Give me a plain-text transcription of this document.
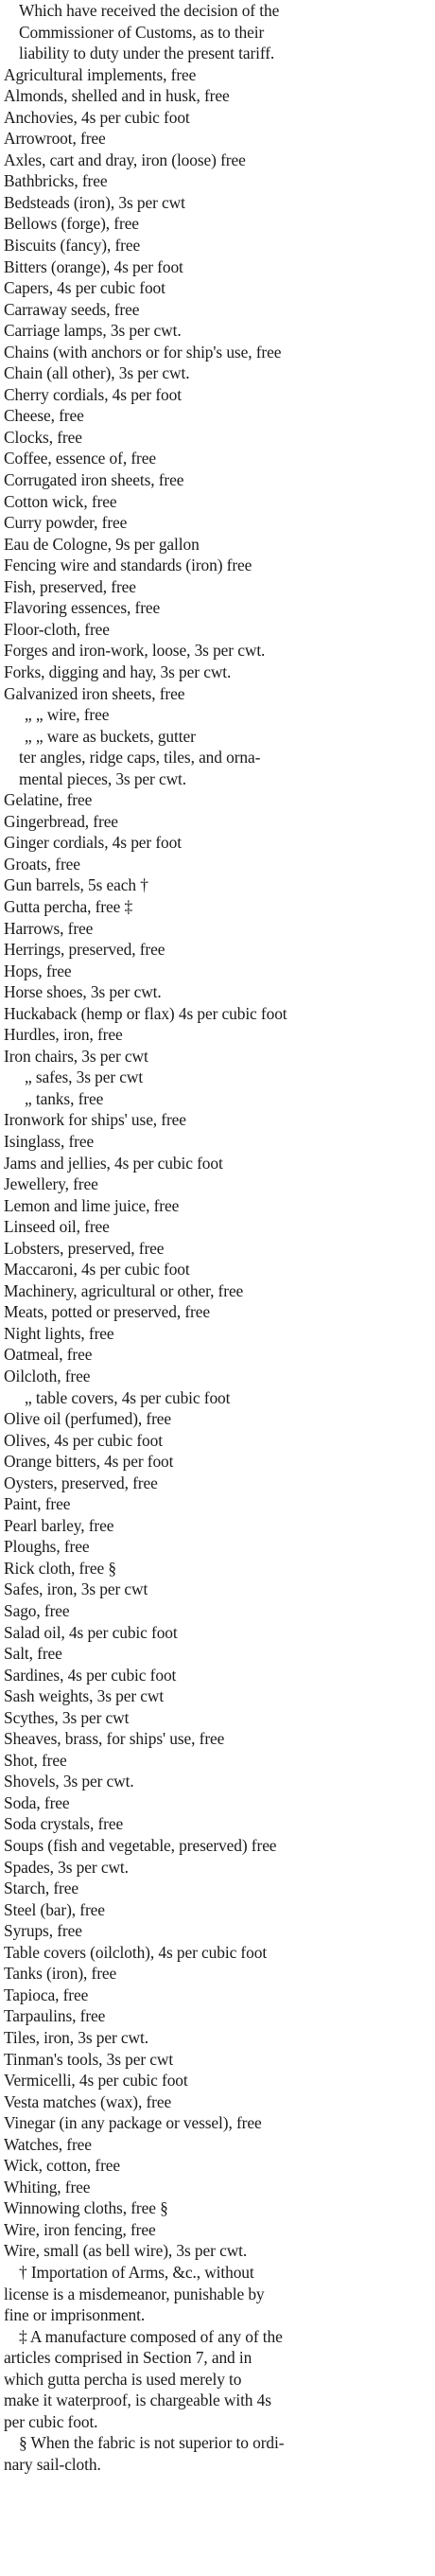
Which have received the decision of the
Commissioner of Customs, as to their
liability to duty under the present tariff.
Agricultural implements, free
Almonds, shelled and in husk, free
Anchovies, 4s per cubic foot
Arrowroot, free
Axles, cart and dray, iron (loose) free
Bathbricks, free
Bedsteads (iron), 3s per cwt
Bellows (forge), free
Biscuits (fancy), free
Bitters (orange), 4s per foot
Capers, 4s per cubic foot
Carraway seeds, free
Carriage lamps, 3s per cwt.
Chains (with anchors or for ship's use, free
Chain (all other), 3s per cwt.
Cherry cordials, 4s per foot
Cheese, free
Clocks, free
Coffee, essence of, free
Corrugated iron sheets, free
Cotton wick, free
Curry powder, free
Eau de Cologne, 9s per gallon
Fencing wire and standards (iron) free
Fish, preserved, free
Flavoring essences, free
Floor-cloth, free
Forges and iron-work, loose, 3s per cwt.
Forks, digging and hay, 3s per cwt.
Galvanized iron sheets, free
„ „ wire, free
„ „ ware as buckets, gutter
ter angles, ridge caps, tiles, and orna-
mental pieces, 3s per cwt.
Gelatine, free
Gingerbread, free
Ginger cordials, 4s per foot
Groats, free
Gun barrels, 5s each †
Gutta percha, free ‡
Harrows, free
Herrings, preserved, free
Hops, free
Horse shoes, 3s per cwt.
Huckaback (hemp or flax) 4s per cubic foot
Hurdles, iron, free
Iron chairs, 3s per cwt
„ safes, 3s per cwt
„ tanks, free
Ironwork for ships' use, free
Isinglass, free
Jams and jellies, 4s per cubic foot
Jewellery, free
Lemon and lime juice, free
Linseed oil, free
Lobsters, preserved, free
Maccaroni, 4s per cubic foot
Machinery, agricultural or other, free
Meats, potted or preserved, free
Night lights, free
Oatmeal, free
Oilcloth, free
„ table covers, 4s per cubic foot
Olive oil (perfumed), free
Olives, 4s per cubic foot
Orange bitters, 4s per foot
Oysters, preserved, free
Paint, free
Pearl barley, free
Ploughs, free
Rick cloth, free §
Safes, iron, 3s per cwt
Sago, free
Salad oil, 4s per cubic foot
Salt, free
Sardines, 4s per cubic foot
Sash weights, 3s per cwt
Scythes, 3s per cwt
Sheaves, brass, for ships' use, free
Shot, free
Shovels, 3s per cwt.
Soda, free
Soda crystals, free
Soups (fish and vegetable, preserved) free
Spades, 3s per cwt.
Starch, free
Steel (bar), free
Syrups, free
Table covers (oilcloth), 4s per cubic foot
Tanks (iron), free
Tapioca, free
Tarpaulins, free
Tiles, iron, 3s per cwt.
Tinman's tools, 3s per cwt
Vermicelli, 4s per cubic foot
Vesta matches (wax), free
Vinegar (in any package or vessel), free
Watches, free
Wick, cotton, free
Whiting, free
Winnowing cloths, free §
Wire, iron fencing, free
Wire, small (as bell wire), 3s per cwt.
† Importation of Arms, &c., without
license is a misdemeanor, punishable by
fine or imprisonment.
‡ A manufacture composed of any of the
articles comprised in Section 7, and in
which gutta percha is used merely to
make it waterproof, is chargeable with 4s
per cubic foot.
§ When the fabric is not superior to ordi-
nary sail-cloth.
